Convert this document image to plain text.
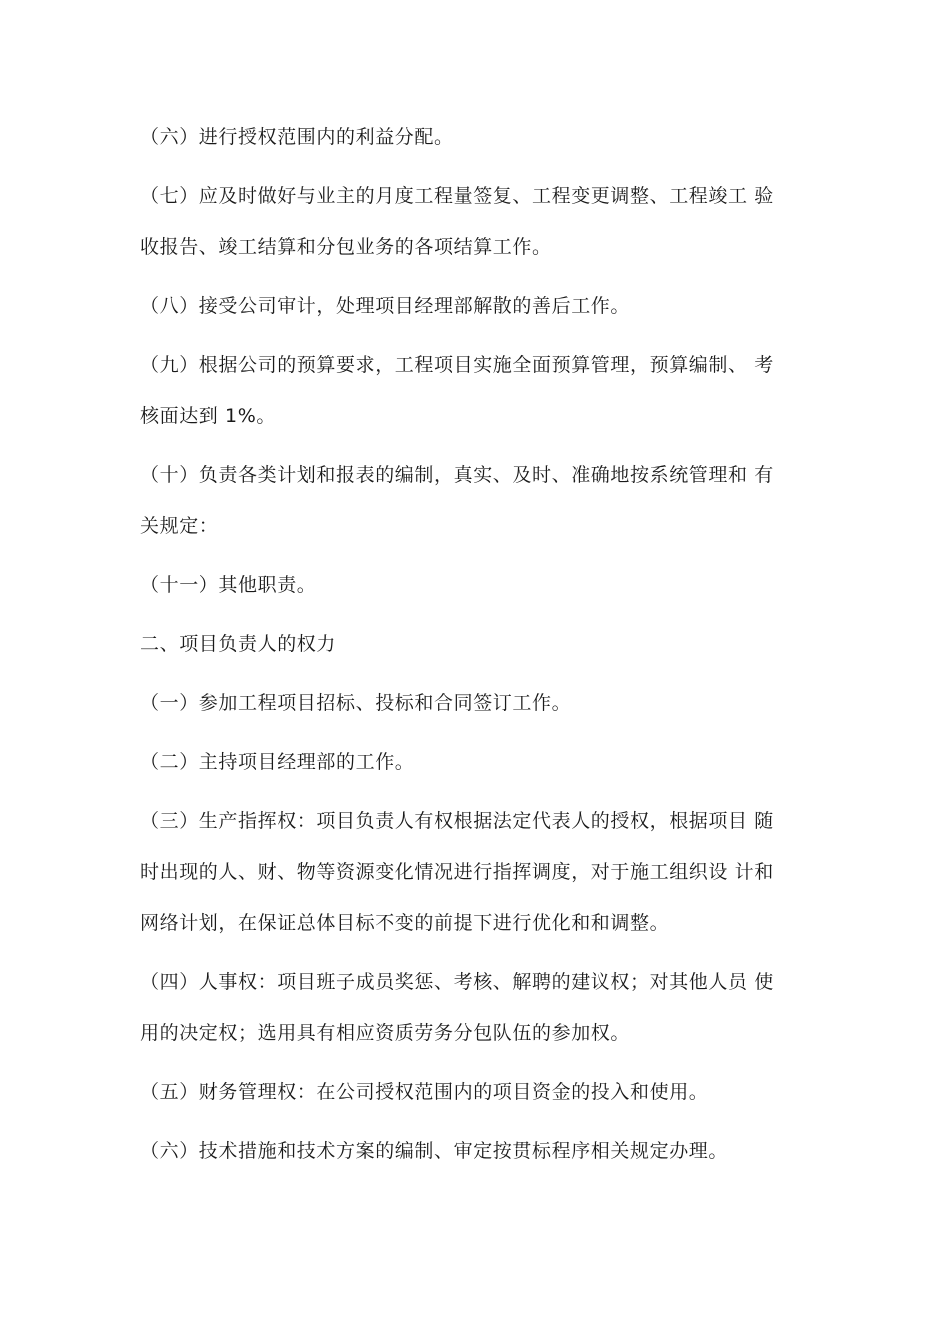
（六）进行授权范围内的利益分配。

（七）应及时做好与业主的月度工程量签复、工程变更调整、工程竣工 验
收报告、竣工结算和分包业务的各项结算工作。

（八）接受公司审计，处理项目经理部解散的善后工作。

（九）根据公司的预算要求，工程项目实施全面预算管理，预算编制、 考
核面达到 1%。

（十）负责各类计划和报表的编制，真实、及时、准确地按系统管理和 有
关规定：

（十一）其他职责。

二、项目负责人的权力

（一）参加工程项目招标、投标和合同签订工作。

（二）主持项目经理部的工作。

（三）生产指挥权：项目负责人有权根据法定代表人的授权，根据项目 随
时出现的人、财、物等资源变化情况进行指挥调度，对于施工组织设 计和
网络计划，在保证总体目标不变的前提下进行优化和和调整。

（四）人事权：项目班子成员奖惩、考核、解聘的建议权；对其他人员 使
用的决定权；选用具有相应资质劳务分包队伍的参加权。

（五）财务管理权：在公司授权范围内的项目资金的投入和使用。

（六）技术措施和技术方案的编制、审定按贯标程序相关规定办理。
